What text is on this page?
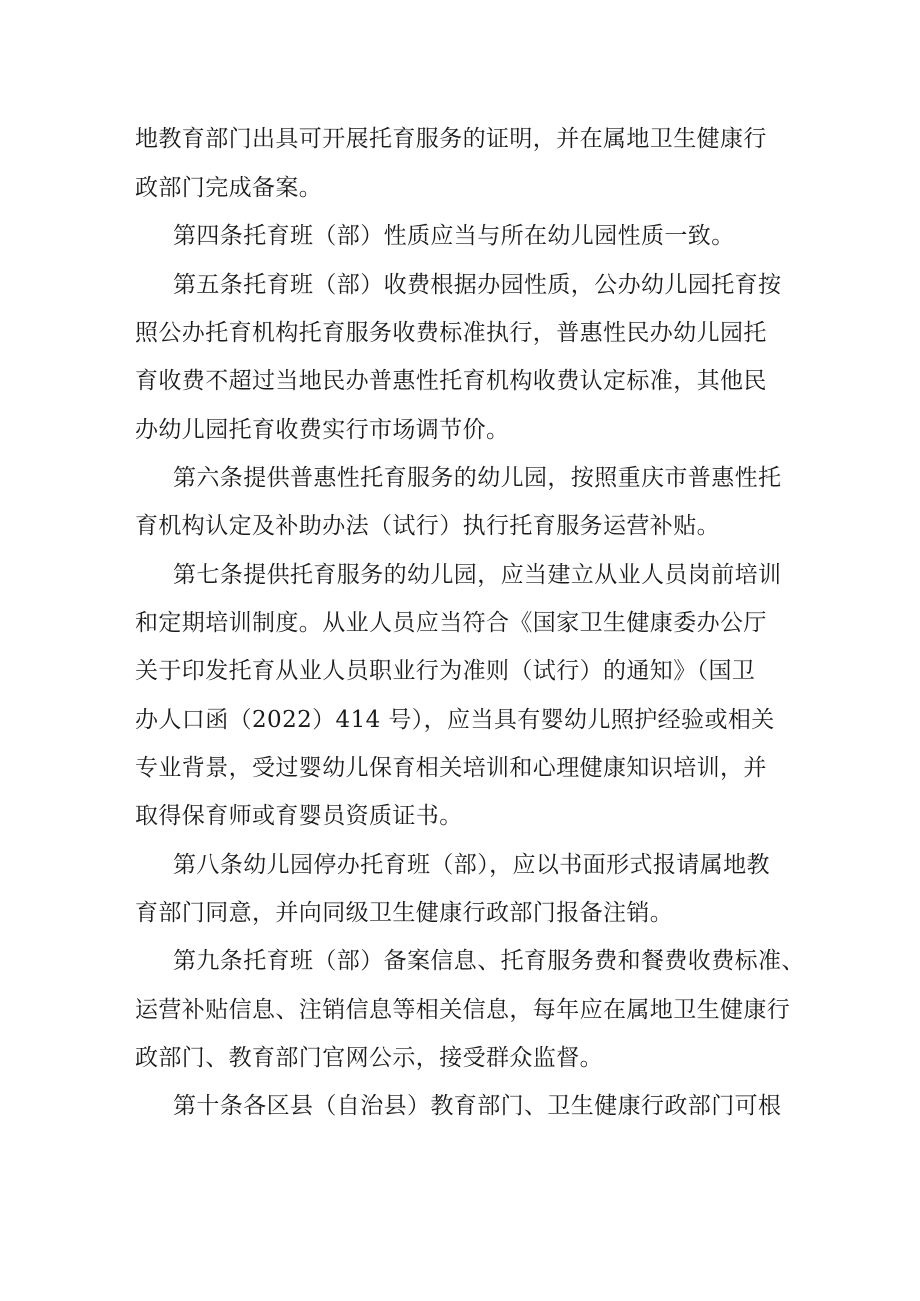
地教育部门出具可开展托育服务的证明，并在属地卫生健康行
政部门完成备案。
第四条托育班（部）性质应当与所在幼儿园性质一致。
第五条托育班（部）收费根据办园性质，公办幼儿园托育按
照公办托育机构托育服务收费标准执行，普惠性民办幼儿园托
育收费不超过当地民办普惠性托育机构收费认定标准，其他民
办幼儿园托育收费实行市场调节价。
第六条提供普惠性托育服务的幼儿园，按照重庆市普惠性托
育机构认定及补助办法（试行）执行托育服务运营补贴。
第七条提供托育服务的幼儿园，应当建立从业人员岗前培训
和定期培训制度。从业人员应当符合《国家卫生健康委办公厅
关于印发托育从业人员职业行为准则（试行）的通知》（国卫
办人口函（2022）414 号），应当具有婴幼儿照护经验或相关
专业背景，受过婴幼儿保育相关培训和心理健康知识培训，并
取得保育师或育婴员资质证书。
第八条幼儿园停办托育班（部），应以书面形式报请属地教
育部门同意，并向同级卫生健康行政部门报备注销。
第九条托育班（部）备案信息、托育服务费和餐费收费标准、
运营补贴信息、注销信息等相关信息，每年应在属地卫生健康行
政部门、教育部门官网公示，接受群众监督。
第十条各区县（自治县）教育部门、卫生健康行政部门可根
